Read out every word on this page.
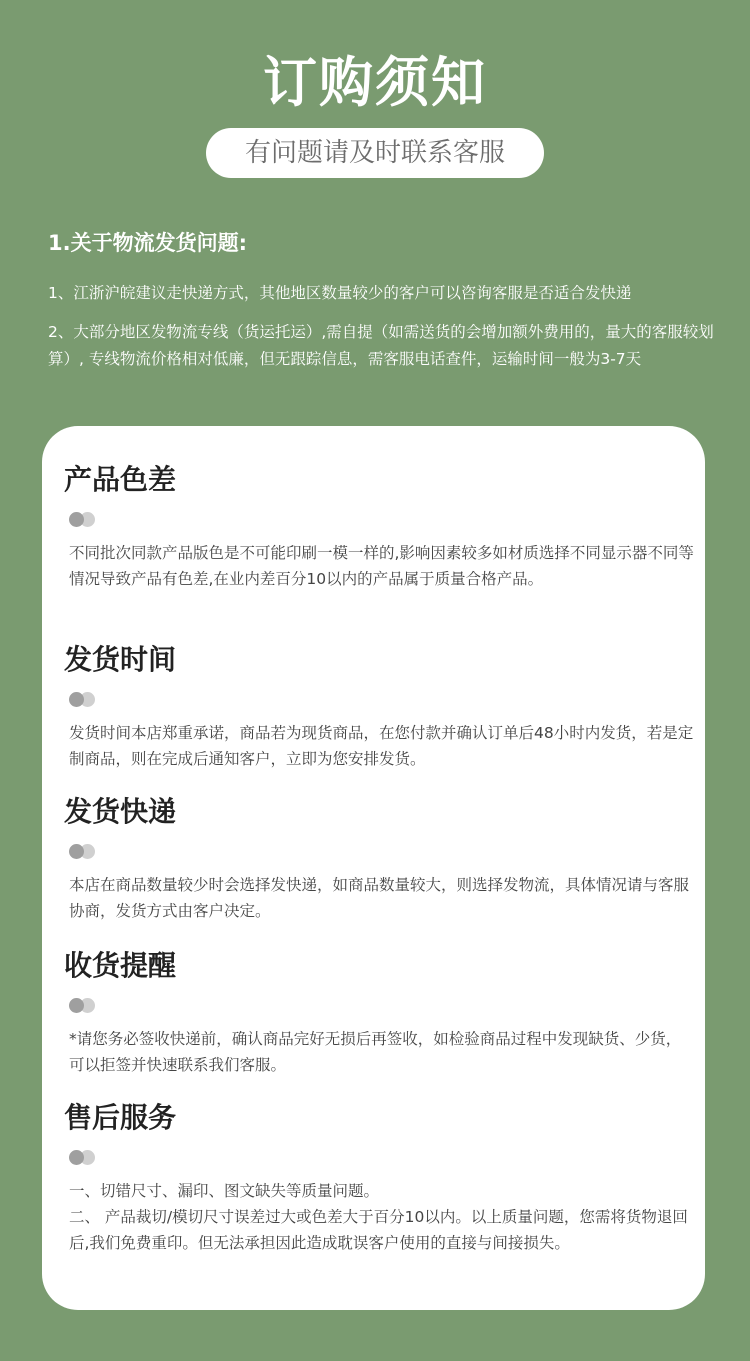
订购须知
有问题请及时联系客服
1.关于物流发货问题:

1、江浙沪皖建议走快递方式，其他地区数量较少的客户可以咨询客服是否适合发快递

2、大部分地区发物流专线（货运托运）,需自提（如需送货的会增加额外费用的，量大的客服较划算）, 专线物流价格相对低廉，但无跟踪信息，需客服电话查件，运输时间一般为3-7天

产品色差
不同批次同款产品版色是不可能印刷一模一样的,影响因素较多如材质选择不同显示器不同等情况导致产品有色差,在业内差百分10以内的产品属于质量合格产品。
发货时间
发货时间本店郑重承诺，商品若为现货商品，在您付款并确认订单后48小时内发货，若是定制商品，则在完成后通知客户，立即为您安排发货。
发货快递
本店在商品数量较少时会选择发快递，如商品数量较大，则选择发物流，具体情况请与客服协商，发货方式由客户决定。
收货提醒
*请您务必签收快递前，确认商品完好无损后再签收，如检验商品过程中发现缺货、少货，可以拒签并快速联系我们客服。
售后服务
一、切错尺寸、漏印、图文缺失等质量问题。
二、 产品裁切/模切尺寸误差过大或色差大于百分10以内。以上质量问题，您需将货物退回后,我们免费重印。但无法承担因此造成耽误客户使用的直接与间接损失。
